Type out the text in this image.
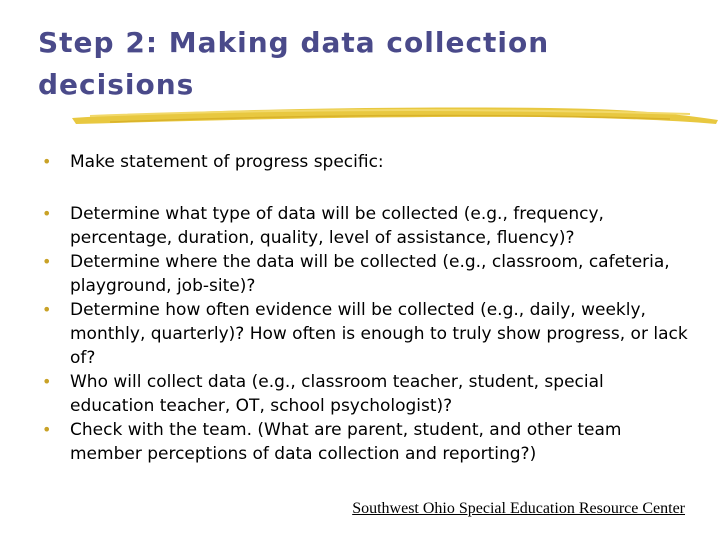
Step 2: Making data collection decisions
• Make statement of progress specific:
• Determine what type of data will be collected (e.g., frequency, percentage, duration, quality, level of assistance, fluency)?
• Determine where the data will be collected (e.g., classroom, cafeteria, playground, job-site)?
• Determine how often evidence will be collected (e.g., daily, weekly, monthly, quarterly)? How often is enough to truly show progress, or lack of?
• Who will collect data (e.g., classroom teacher, student, special education teacher, OT, school psychologist)?
• Check with the team. (What are parent, student, and other team member perceptions of data collection and reporting?)
Southwest Ohio Special Education Resource Center
